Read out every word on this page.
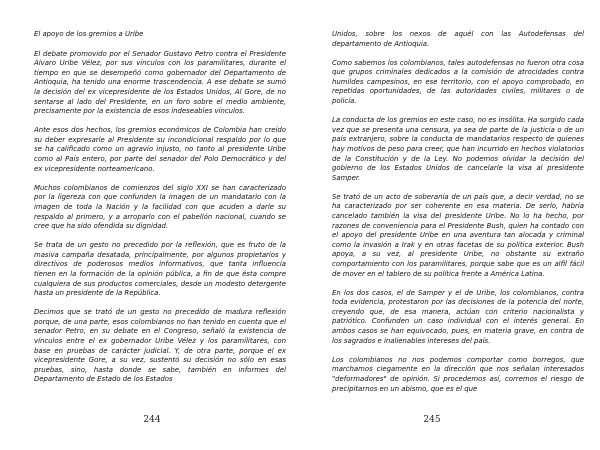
El apoyo de los gremios a Uribe

El debate promovido por el Senador Gustavo Petro contra el Presidente Álvaro Uribe Vélez, por sus vínculos con los paramilitares, durante el tiempo en que se desempeñó como gobernador del Departamento de Antioquia, ha tenido una enorme trascendencia. A ese debate se sumó la decisión del ex vicepresidente de los Estados Unidos, Al Gore, de no sentarse al lado del Presidente, en un foro sobre el medio ambiente, precisamente por la existencia de esos indeseables vínculos.

Ante esos dos hechos, los gremios económicos de Colombia han creído su deber expresarle al Presidente su incondicional respaldo por lo que se ha calificado como un agravio injusto, no tanto al presidente Uribe como al País entero, por parte del senador del Polo Democrático y del ex vicepresidente norteamericano.

Muchos colombianos de comienzos del siglo XXI se han caracterizado por la ligereza con que confunden la imagen de un mandatario con la imagen de toda la Nación y la facilidad con que acuden a darle su respaldo al primero, y a arroparlo con el pabellón nacional, cuando se cree que ha sido ofendida su dignidad.

Se trata de un gesto no precedido por la reflexión, que es fruto de la masiva campaña desatada, principalmente, por algunos propietarios y directivos de poderosos medios informativos, que tanta influencia tienen en la formación de la opinión pública, a fin de que ésta compre cualquiera de sus productos comerciales, desde un modesto detergente hasta un presidente de la República.

Decimos que se trató de un gesto no precedido de madura reflexión porque, de una parte, esos colombianos no han tenido en cuenta que el senador Petro, en su debate en el Congreso, señaló la existencia de vínculos entre el ex gobernador Uribe Vélez y los paramilitares, con base en pruebas de carácter judicial. Y, de otra parte, porque el ex vicepresidente Gore, a su vez, sustentó su decisión no sólo en esas pruebas, sino, hasta donde se sabe, también en informes del Departamento de Estado de los Estados

244

Unidos, sobre los nexos de aquél con las Autodefensas del departamento de Antioquia.

Como sabemos los colombianos, tales autodefensas no fueron otra cosa que grupos criminales dedicados a la comisión de atrocidades contra humildes campesinos, en ese territorio, con el apoyo comprobado, en repetidas oportunidades, de las autoridades civiles, militares o de policía.

La conducta de los gremios en este caso, no es insólita. Ha surgido cada vez que se presenta una censura, ya sea de parte de la justicia o de un país extranjero, sobre la conducta de mandatarios respecto de quienes hay motivos de peso para creer, que han incurrido en hechos violatorios de la Constitución y de la Ley. No podemos olvidar la decisión del gobierno de los Estados Unidos de cancelarle la visa al presidente Samper.

Se trató de un acto de soberanía de un país que, a decir verdad, no se ha caracterizado por ser coherente en esa materia. De serlo, habría cancelado también la visa del presidente Uribe. No lo ha hecho, por razones de conveniencia para el Presidente Bush, quien ha contado con el apoyo del presidente Uribe en una aventura tan alocada y criminal como la invasión a Irak y en otras facetas de su política exterior. Bush apoya, a su vez, al presidente Uribe, no obstante su extraño comportamiento con los paramilitares, porque sabe que es un alfil fácil de mover en el tablero de su política frente a América Latina.

En los dos casos, el de Samper y el de Uribe, los colombianos, contra toda evidencia, protestaron por las decisiones de la potencia del norte, creyendo que, de esa manera, actúan con criterio nacionalista y patriótico. Confunden un caso individual con el interés general. En ambos casos se han equivocado, pues, en materia grave, en contra de los sagrados e inalienables intereses del país.

Los colombianos no nos podemos comportar como borregos, que marchamos ciegamente en la dirección que nos señalan interesados "deformadores" de opinión. Si procedemos así, corremos el riesgo de precipitarnos en un abismo, que es el que

245
